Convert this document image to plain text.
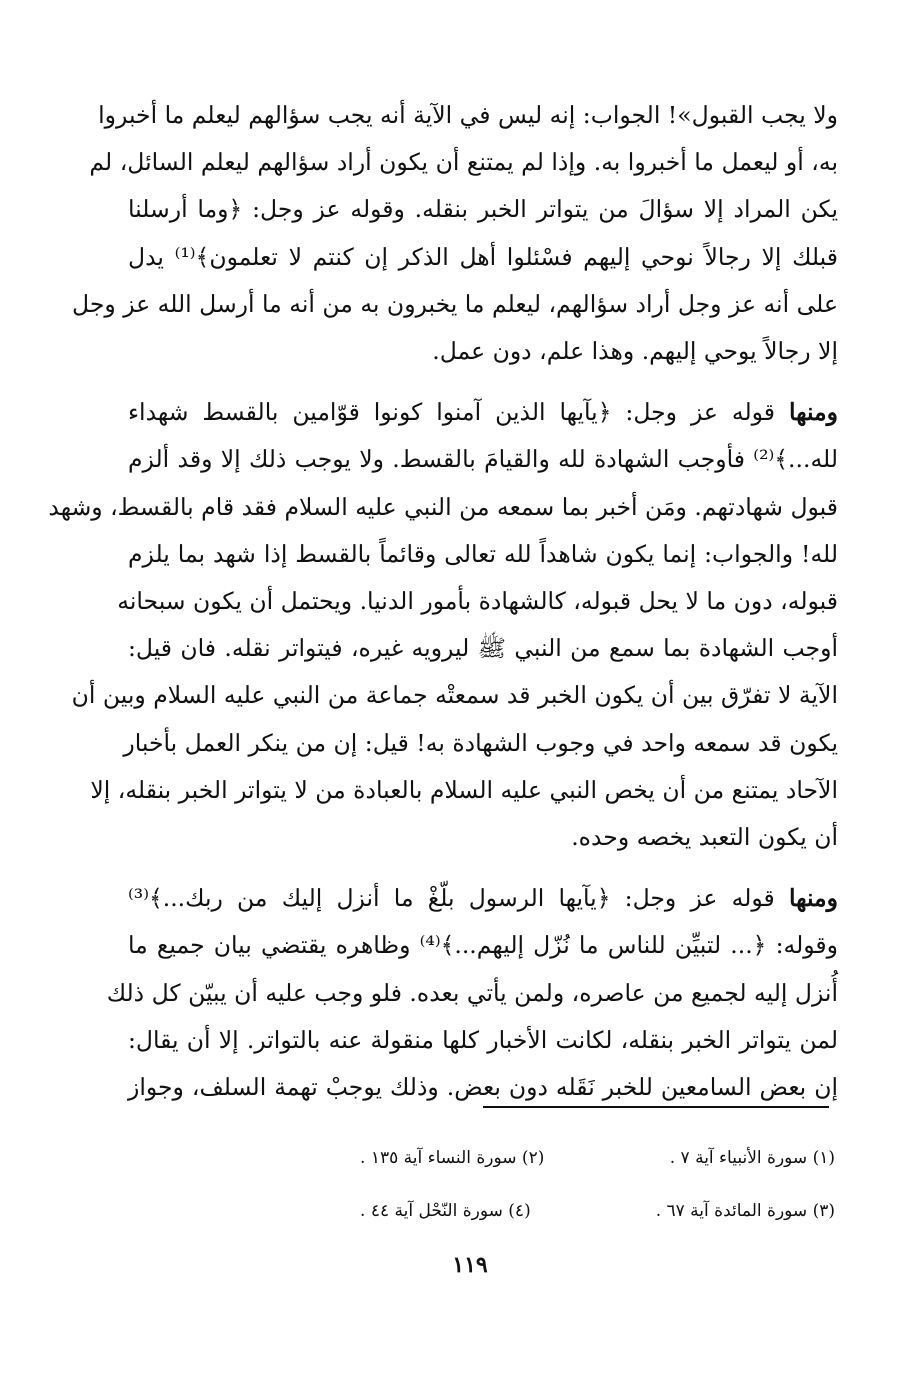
ولا يجب القبول»! الجواب: إنه ليس في الآية أنه يجب سؤالهم ليعلم ما أخبروا
به، أو ليعمل ما أخبروا به. وإذا لم يمتنع أن يكون أراد سؤالهم ليعلم السائل، لم
يكن المراد إلا سؤالَ من يتواتر الخبر بنقله. وقوله عز وجل: ﴿وما أرسلنا
قبلك إلا رجالاً نوحي إليهم فسْئلوا أهل الذكر إن كنتم لا تعلمون﴾⁽¹⁾ يدل
على أنه عز وجل أراد سؤالهم، ليعلم ما يخبرون به من أنه ما أرسل الله عز وجل
إلا رجالاً يوحي إليهم. وهذا علم، دون عمل.
ومنها قوله عز وجل: ﴿يآيها الذين آمنوا كونوا قوّامين بالقسط شهداء
لله...﴾⁽²⁾ فأوجب الشهادة لله والقيامَ بالقسط. ولا يوجب ذلك إلا وقد ألزم
قبول شهادتهم. ومَن أخبر بما سمعه من النبي عليه السلام فقد قام بالقسط، وشهد
لله! والجواب: إنما يكون شاهداً لله تعالى وقائماً بالقسط إذا شهد بما يلزم
قبوله، دون ما لا يحل قبوله، كالشهادة بأمور الدنيا. ويحتمل أن يكون سبحانه
أوجب الشهادة بما سمع من النبي ﷺ ليرويه غيره، فيتواتر نقله. فان قيل:
الآية لا تفرّق بين أن يكون الخبر قد سمعتْه جماعة من النبي عليه السلام وبين أن
يكون قد سمعه واحد في وجوب الشهادة به! قيل: إن من ينكر العمل بأخبار
الآحاد يمتنع من أن يخص النبي عليه السلام بالعبادة من لا يتواتر الخبر بنقله، إلا
أن يكون التعبد يخصه وحده.
ومنها قوله عز وجل: ﴿يآيها الرسول بلّغْ ما أنزل إليك من ربك...﴾⁽³⁾
وقوله: ﴿... لتبيِّن للناس ما نُزّل إليهم...﴾⁽⁴⁾ وظاهره يقتضي بيان جميع ما
أُنزل إليه لجميع من عاصره، ولمن يأتي بعده. فلو وجب عليه أن يبيّن كل ذلك
لمن يتواتر الخبر بنقله، لكانت الأخبار كلها منقولة عنه بالتواتر. إلا أن يقال:
إن بعض السامعين للخبر نَقَله دون بعض. وذلك يوجبْ تهمة السلف، وجواز
(١) سورة الأنبياء آية ٧ .
(٢) سورة النساء آية ١٣٥ .
(٣) سورة المائدة آية ٦٧ .
(٤) سورة النّحْل آية ٤٤ .
١١٩
